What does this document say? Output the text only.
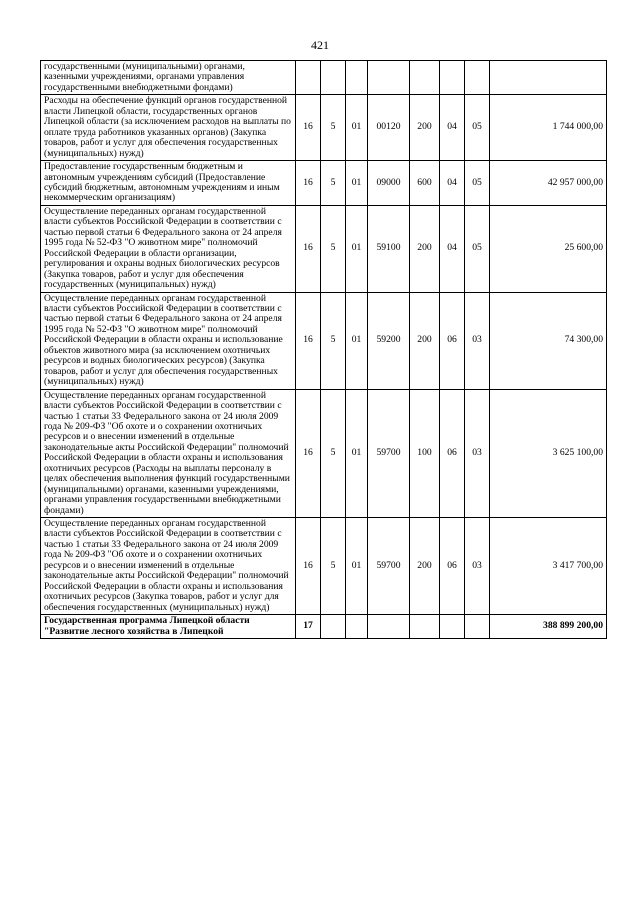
421
государственными (муниципальными) органами, казенными учреждениями, органами управления государственными внебюджетными фондами)								
Расходы на обеспечение функций органов государственной власти Липецкой области, государственных органов Липецкой области (за исключением расходов на выплаты по оплате труда работников указанных органов) (Закупка товаров, работ и услуг для обеспечения государственных (муниципальных) нужд)	16	5	01	00120	200	04	05	1 744 000,00
Предоставление государственным бюджетным и автономным учреждениям субсидий (Предоставление субсидий бюджетным, автономным учреждениям и иным некоммерческим организациям)	16	5	01	09000	600	04	05	42 957 000,00
Осуществление переданных органам государственной власти субъектов Российской Федерации в соответствии с частью первой статьи 6 Федерального закона от 24 апреля 1995 года № 52-ФЗ "О животном мире" полномочий Российской Федерации в области организации, регулирования и охраны водных биологических ресурсов (Закупка товаров, работ и услуг для обеспечения государственных (муниципальных) нужд)	16	5	01	59100	200	04	05	25 600,00
Осуществление переданных органам государственной власти субъектов Российской Федерации в соответствии с частью первой статьи 6 Федерального закона от 24 апреля 1995 года № 52-ФЗ "О животном мире" полномочий Российской Федерации в области охраны и использование объектов животного мира (за исключением охотничьих ресурсов и водных биологических ресурсов) (Закупка товаров, работ и услуг для обеспечения государственных (муниципальных) нужд)	16	5	01	59200	200	06	03	74 300,00
Осуществление переданных органам государственной власти субъектов Российской Федерации в соответствии с частью 1 статьи 33 Федерального закона от 24 июля 2009 года № 209-ФЗ "Об охоте и о сохранении охотничьих ресурсов и о внесении изменений в отдельные законодательные акты Российской Федерации" полномочий Российской Федерации в области охраны и использования охотничьих ресурсов (Расходы на выплаты персоналу в целях обеспечения выполнения функций государственными (муниципальными) органами, казенными учреждениями, органами управления государственными внебюджетными фондами)	16	5	01	59700	100	06	03	3 625 100,00
Осуществление переданных органам государственной власти субъектов Российской Федерации в соответствии с частью 1 статьи 33 Федерального закона от 24 июля 2009 года № 209-ФЗ "Об охоте и о сохранении охотничьих ресурсов и о внесении изменений в отдельные законодательные акты Российской Федерации" полномочий Российской Федерации в области охраны и использования охотничьих ресурсов (Закупка товаров, работ и услуг для обеспечения государственных (муниципальных) нужд)	16	5	01	59700	200	06	03	3 417 700,00
Государственная программа Липецкой области "Развитие лесного хозяйства в Липецкой	17							388 899 200,00
